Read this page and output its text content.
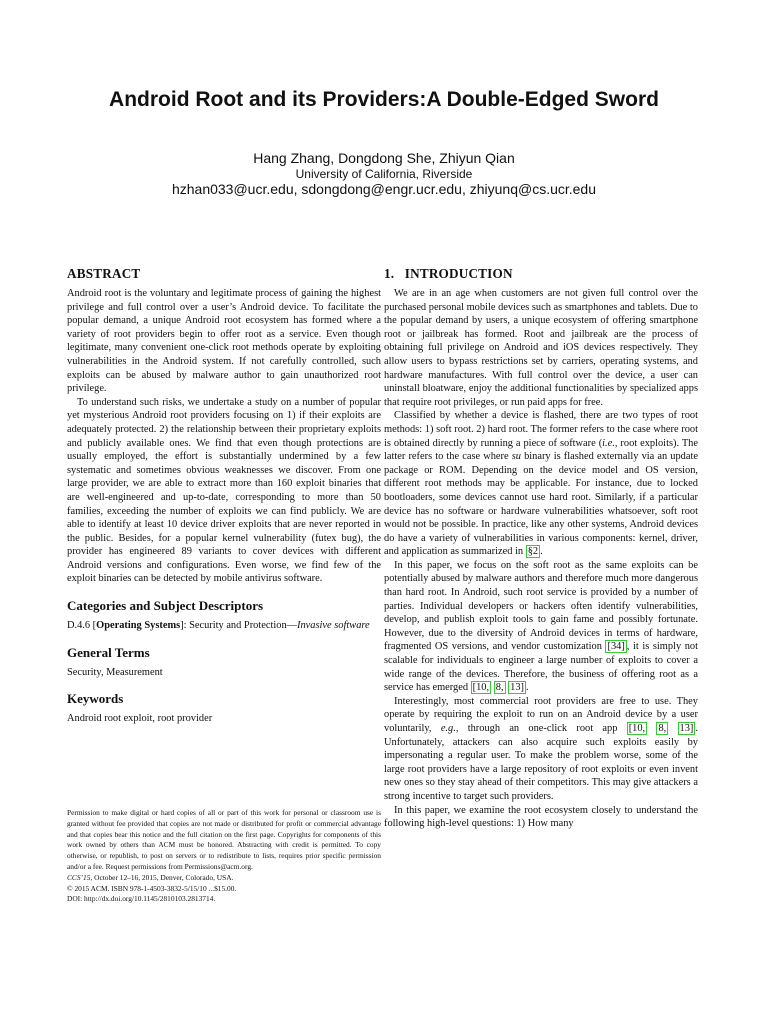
Android Root and its Providers:A Double-Edged Sword
Hang Zhang, Dongdong She, Zhiyun Qian
University of California, Riverside
hzhan033@ucr.edu, sdongdong@engr.ucr.edu, zhiyunq@cs.ucr.edu
ABSTRACT

Android root is the voluntary and legitimate process of gaining the highest privilege and full control over a user’s Android device. To facilitate the popular demand, a unique Android root ecosystem has formed where a variety of root providers begin to offer root as a service. Even though legitimate, many convenient one-click root methods operate by exploiting vulnerabilities in the Android system. If not carefully controlled, such exploits can be abused by malware author to gain unauthorized root privilege.

To understand such risks, we undertake a study on a number of popular yet mysterious Android root providers focusing on 1) if their exploits are adequately protected. 2) the relationship between their proprietary exploits and publicly available ones. We find that even though protections are usually employed, the effort is substantially undermined by a few systematic and sometimes obvious weaknesses we discover. From one large provider, we are able to extract more than 160 exploit binaries that are well-engineered and up-to-date, corresponding to more than 50 families, exceeding the number of exploits we can find publicly. We are able to identify at least 10 device driver exploits that are never reported in the public. Besides, for a popular kernel vulnerability (futex bug), the provider has engineered 89 variants to cover devices with different Android versions and configurations. Even worse, we find few of the exploit binaries can be detected by mobile antivirus software.

Categories and Subject Descriptors

D.4.6 [Operating Systems]: Security and Protection—Invasive software

General Terms

Security, Measurement

Keywords

Android root exploit, root provider

Permission to make digital or hard copies of all or part of this work for personal or classroom use is granted without fee provided that copies are not made or distributed for profit or commercial advantage and that copies bear this notice and the full citation on the first page. Copyrights for components of this work owned by others than ACM must be honored. Abstracting with credit is permitted. To copy otherwise, or republish, to post on servers or to redistribute to lists, requires prior specific permission and/or a fee. Request permissions from Permissions@acm.org.

CCS’15, October 12–16, 2015, Denver, Colorado, USA.

© 2015 ACM. ISBN 978-1-4503-3832-5/15/10 ...$15.00.

DOI: http://dx.doi.org/10.1145/2810103.2813714.

1.   INTRODUCTION

We are in an age when customers are not given full control over the purchased personal mobile devices such as smartphones and tablets. Due to the popular demand by users, a unique ecosystem of offering smartphone root or jailbreak has formed. Root and jailbreak are the process of obtaining full privilege on Android and iOS devices respectively. They allow users to bypass restrictions set by carriers, operating systems, and hardware manufactures. With full control over the device, a user can uninstall bloatware, enjoy the additional functionalities by specialized apps that require root privileges, or run paid apps for free.

Classified by whether a device is flashed, there are two types of root methods: 1) soft root. 2) hard root. The former refers to the case where root is obtained directly by running a piece of software (i.e., root exploits). The latter refers to the case where su binary is flashed externally via an update package or ROM. Depending on the device model and OS version, different root methods may be applicable. For instance, due to locked bootloaders, some devices cannot use hard root. Similarly, if a particular device has no software or hardware vulnerabilities whatsoever, soft root would not be possible. In practice, like any other systems, Android devices do have a variety of vulnerabilities in various components: kernel, driver, and application as summarized in §2 .

In this paper, we focus on the soft root as the same exploits can be potentially abused by malware authors and therefore much more dangerous than hard root. In Android, such root service is provided by a number of parties. Individual developers or hackers often identify vulnerabilities, develop, and publish exploit tools to gain fame and possibly fortunate. However, due to the diversity of Android devices in terms of hardware, fragmented OS versions, and vendor customization [34] , it is simply not scalable for individuals to engineer a large number of exploits to cover a wide range of the devices. Therefore, the business of offering root as a service has emerged [10, 8, 13] .

Interestingly, most commercial root providers are free to use. They operate by requiring the exploit to run on an Android device by a user voluntarily, e.g., through an one-click root app [10, 8, 13] . Unfortunately, attackers can also acquire such exploits easily by impersonating a regular user. To make the problem worse, some of the large root providers have a large repository of root exploits or even invent new ones so they stay ahead of their competitors. This may give attackers a strong incentive to target such providers.

In this paper, we examine the root ecosystem closely to understand the following high-level questions: 1) How many
